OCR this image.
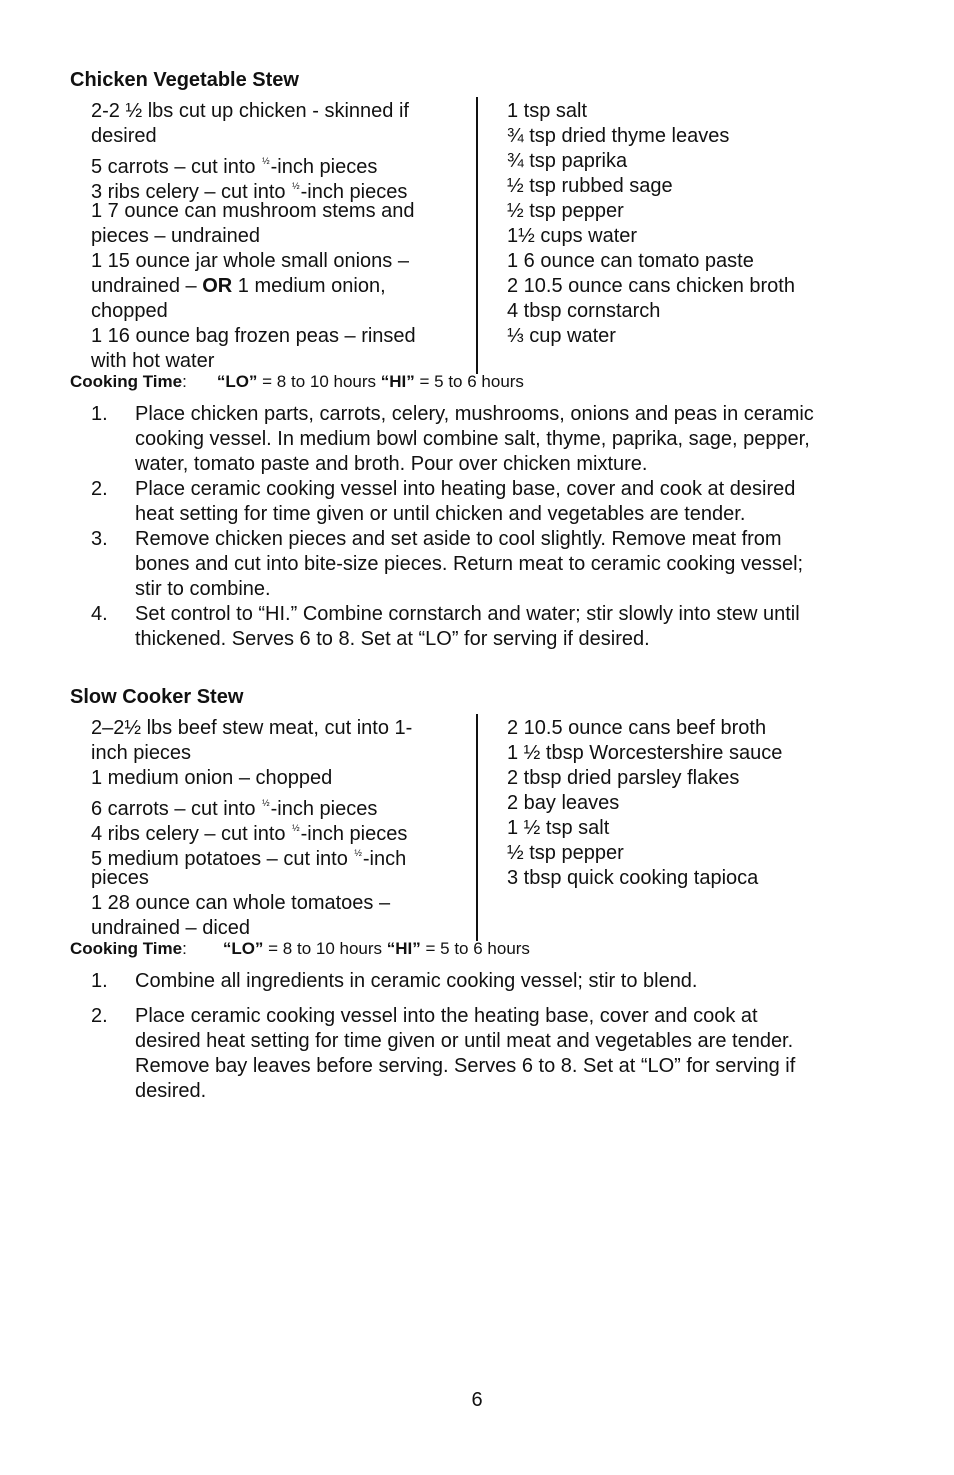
Chicken Vegetable Stew
2-2 ½ lbs cut up chicken - skinned if
desired
5 carrots – cut into $^{\frac{1}{2}}$-inch pieces
3 ribs celery – cut into $^{\frac{1}{2}}$-inch pieces
1 7 ounce can mushroom stems and
pieces – undrained
1 15 ounce jar whole small onions –
undrained – OR 1 medium onion,
chopped
1 16 ounce bag frozen peas – rinsed
with hot water
1 tsp salt
¾ tsp dried thyme leaves
¾ tsp paprika
½ tsp rubbed sage
½ tsp pepper
1½ cups water
1 6 ounce can tomato paste
2 10.5 ounce cans chicken broth
4 tbsp cornstarch
⅓ cup water
Cooking Time: “LO” = 8 to 10 hours “HI” = 5 to 6 hours
1.	Place chicken parts, carrots, celery, mushrooms, onions and peas in ceramic
cooking vessel. In medium bowl combine salt, thyme, paprika, sage, pepper,
water, tomato paste and broth. Pour over chicken mixture.
2.	Place ceramic cooking vessel into heating base, cover and cook at desired
heat setting for time given or until chicken and vegetables are tender.
3.	Remove chicken pieces and set aside to cool slightly. Remove meat from
bones and cut into bite-size pieces. Return meat to ceramic cooking vessel;
stir to combine.
4.	Set control to “HI.” Combine cornstarch and water; stir slowly into stew until
thickened. Serves 6 to 8. Set at “LO” for serving if desired.
Slow Cooker Stew
2–2½ lbs beef stew meat, cut into 1-
inch pieces
1 medium onion – chopped
6 carrots – cut into $^{\frac{1}{2}}$-inch pieces
4 ribs celery – cut into $^{\frac{1}{2}}$-inch pieces
5 medium potatoes – cut into $^{\frac{1}{2}}$-inch
pieces
1 28 ounce can whole tomatoes –
undrained – diced
2 10.5 ounce cans beef broth
1 ½ tbsp Worcestershire sauce
2 tbsp dried parsley flakes
2 bay leaves
1 ½ tsp salt
½ tsp pepper
3 tbsp quick cooking tapioca
Cooking Time: “LO” = 8 to 10 hours “HI” = 5 to 6 hours
1.	Combine all ingredients in ceramic cooking vessel; stir to blend.
2.	Place ceramic cooking vessel into the heating base, cover and cook at
desired heat setting for time given or until meat and vegetables are tender.
Remove bay leaves before serving. Serves 6 to 8. Set at “LO” for serving if
desired.
6
